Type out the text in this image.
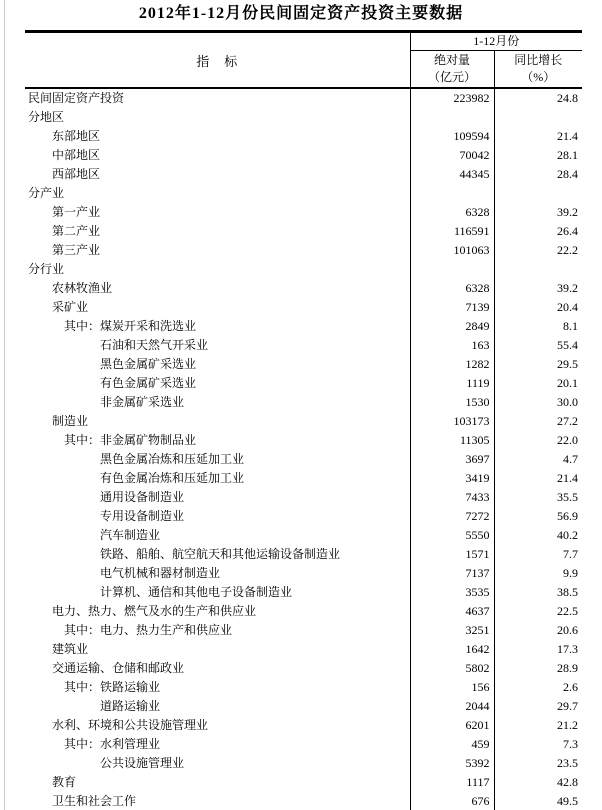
2012年1-12月份民间固定资产投资主要数据
指　标	1-12月份	

绝对量
（亿元）

同比增长
（%）

民间固定资产投资	223982	24.8
分地区		
东部地区	109594	21.4
中部地区	70042	28.1
西部地区	44345	28.4
分产业		
第一产业	6328	39.2
第二产业	116591	26.4
第三产业	101063	22.2
分行业		
农林牧渔业	6328	39.2
采矿业	7139	20.4
其中：煤炭开采和洗选业	2849	8.1
石油和天然气开采业	163	55.4
黑色金属矿采选业	1282	29.5
有色金属矿采选业	1119	20.1
非金属矿采选业	1530	30.0
制造业	103173	27.2
其中：非金属矿物制品业	11305	22.0
黑色金属冶炼和压延加工业	3697	4.7
有色金属冶炼和压延加工业	3419	21.4
通用设备制造业	7433	35.5
专用设备制造业	7272	56.9
汽车制造业	5550	40.2
铁路、船舶、航空航天和其他运输设备制造业	1571	7.7
电气机械和器材制造业	7137	9.9
计算机、通信和其他电子设备制造业	3535	38.5
电力、热力、燃气及水的生产和供应业	4637	22.5
其中：电力、热力生产和供应业	3251	20.6
建筑业	1642	17.3
交通运输、仓储和邮政业	5802	28.9
其中：铁路运输业	156	2.6
道路运输业	2044	29.7
水利、环境和公共设施管理业	6201	21.2
其中：水利管理业	459	7.3
公共设施管理业	5392	23.5
教育	1117	42.8
卫生和社会工作	676	49.5
